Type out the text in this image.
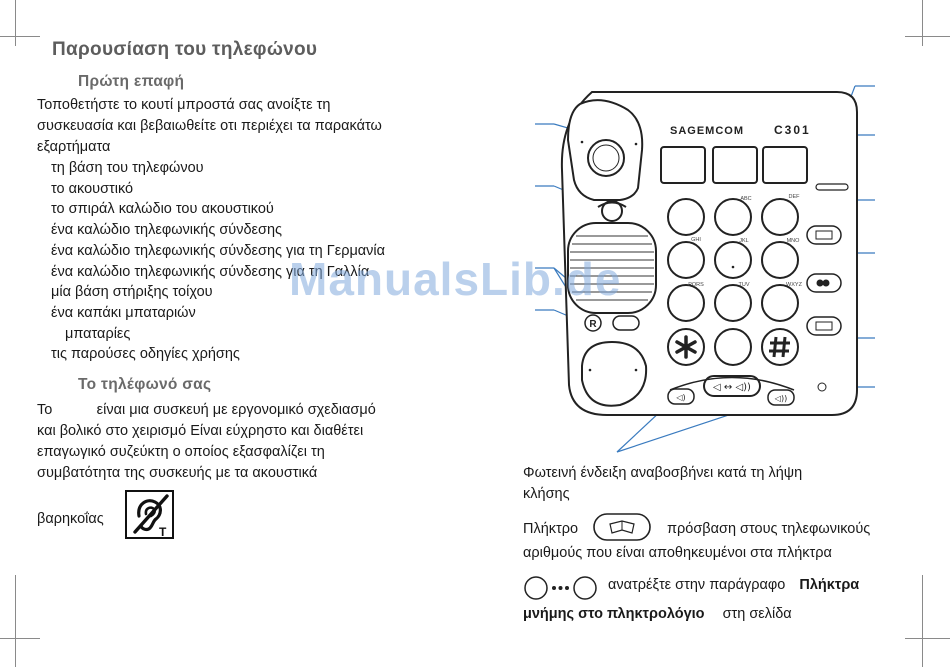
Παρουσίαση του τηλεφώνου
Πρώτη επαφή
Τοποθετήστε το κουτί μπροστά σας ανοίξτε τη
συσκευασία και βεβαιωθείτε οτι περιέχει τα παρακάτω
εξαρτήματα
τη βάση του τηλεφώνου
το ακουστικό
το σπιράλ καλώδιο του ακουστικού
ένα καλώδιο τηλεφωνικής σύνδεσης
ένα καλώδιο τηλεφωνικής σύνδεσης για τη Γερμανία
ένα καλώδιο τηλεφωνικής σύνδεσης για τη Γαλλία
μία βάση στήριξης τοίχου
ένα καπάκι μπαταριών
μπαταρίες
τις παρούσες οδηγίες χρήσης
Το τηλέφωνό σας
Το           είναι μια συσκευή με εργονομικό σχεδιασμό
και βολικό στο χειρισμό Είναι εύχρηστο και διαθέτει
επαγωγικό συζεύκτη ο οποίος εξασφαλίζει τη
συμβατότητα της συσκευής με τα ακουστικά
βαρηκοΐας
T
R
SAGEMCOM	C301
ABC	DEF
GHI	JKL	MNO
PQRS	TUV	WXYZ
◁ ↔ ◁))
◁)	◁))
ManualsLib.de
Φωτεινή ένδειξη αναβοσβήνει κατά τη λήψη
κλήσης
Πλήκτρο	πρόσβαση στους τηλεφωνικούς
αριθμούς που είναι αποθηκευμένοι στα πλήκτρα
ανατρέξτε στην παράγραφο Πλήκτρα
μνήμης στο πληκτρολόγιο στη σελίδα
